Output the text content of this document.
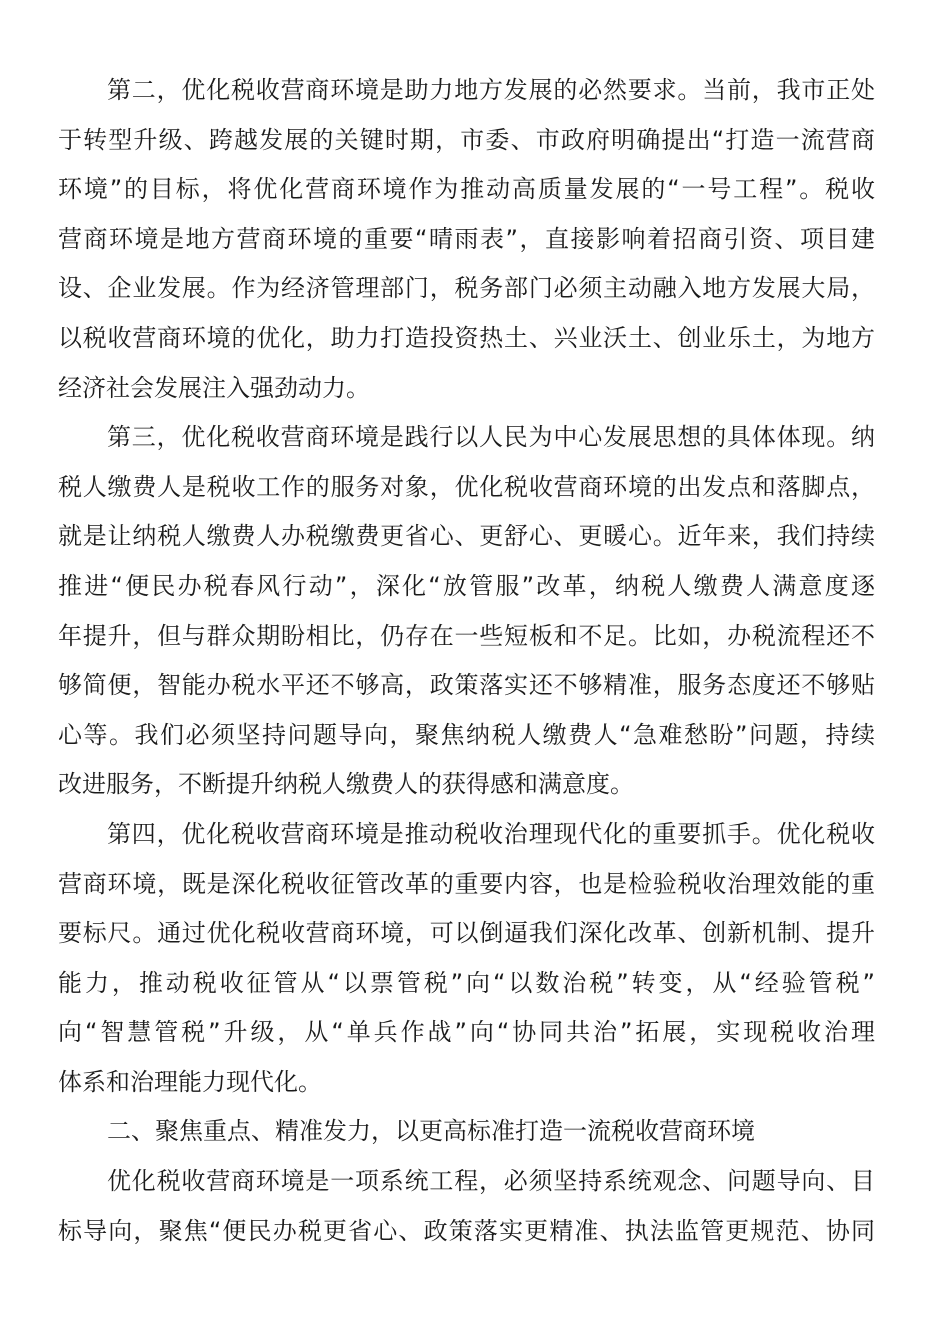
第二，优化税收营商环境是助力地方发展的必然要求。当前，我市正处
于转型升级、跨越发展的关键时期，市委、市政府明确提出“打造一流营商
环境”的目标，将优化营商环境作为推动高质量发展的“一号工程”。税收
营商环境是地方营商环境的重要“晴雨表”，直接影响着招商引资、项目建
设、企业发展。作为经济管理部门，税务部门必须主动融入地方发展大局，
以税收营商环境的优化，助力打造投资热土、兴业沃土、创业乐土，为地方
经济社会发展注入强劲动力。
第三，优化税收营商环境是践行以人民为中心发展思想的具体体现。纳
税人缴费人是税收工作的服务对象，优化税收营商环境的出发点和落脚点，
就是让纳税人缴费人办税缴费更省心、更舒心、更暖心。近年来，我们持续
推进“便民办税春风行动”，深化“放管服”改革，纳税人缴费人满意度逐
年提升，但与群众期盼相比，仍存在一些短板和不足。比如，办税流程还不
够简便，智能办税水平还不够高，政策落实还不够精准，服务态度还不够贴
心等。我们必须坚持问题导向，聚焦纳税人缴费人“急难愁盼”问题，持续
改进服务，不断提升纳税人缴费人的获得感和满意度。
第四，优化税收营商环境是推动税收治理现代化的重要抓手。优化税收
营商环境，既是深化税收征管改革的重要内容，也是检验税收治理效能的重
要标尺。通过优化税收营商环境，可以倒逼我们深化改革、创新机制、提升
能力，推动税收征管从“以票管税”向“以数治税”转变，从“经验管税”
向“智慧管税”升级，从“单兵作战”向“协同共治”拓展，实现税收治理
体系和治理能力现代化。
二、聚焦重点、精准发力，以更高标准打造一流税收营商环境
优化税收营商环境是一项系统工程，必须坚持系统观念、问题导向、目
标导向，聚焦“便民办税更省心、政策落实更精准、执法监管更规范、协同
